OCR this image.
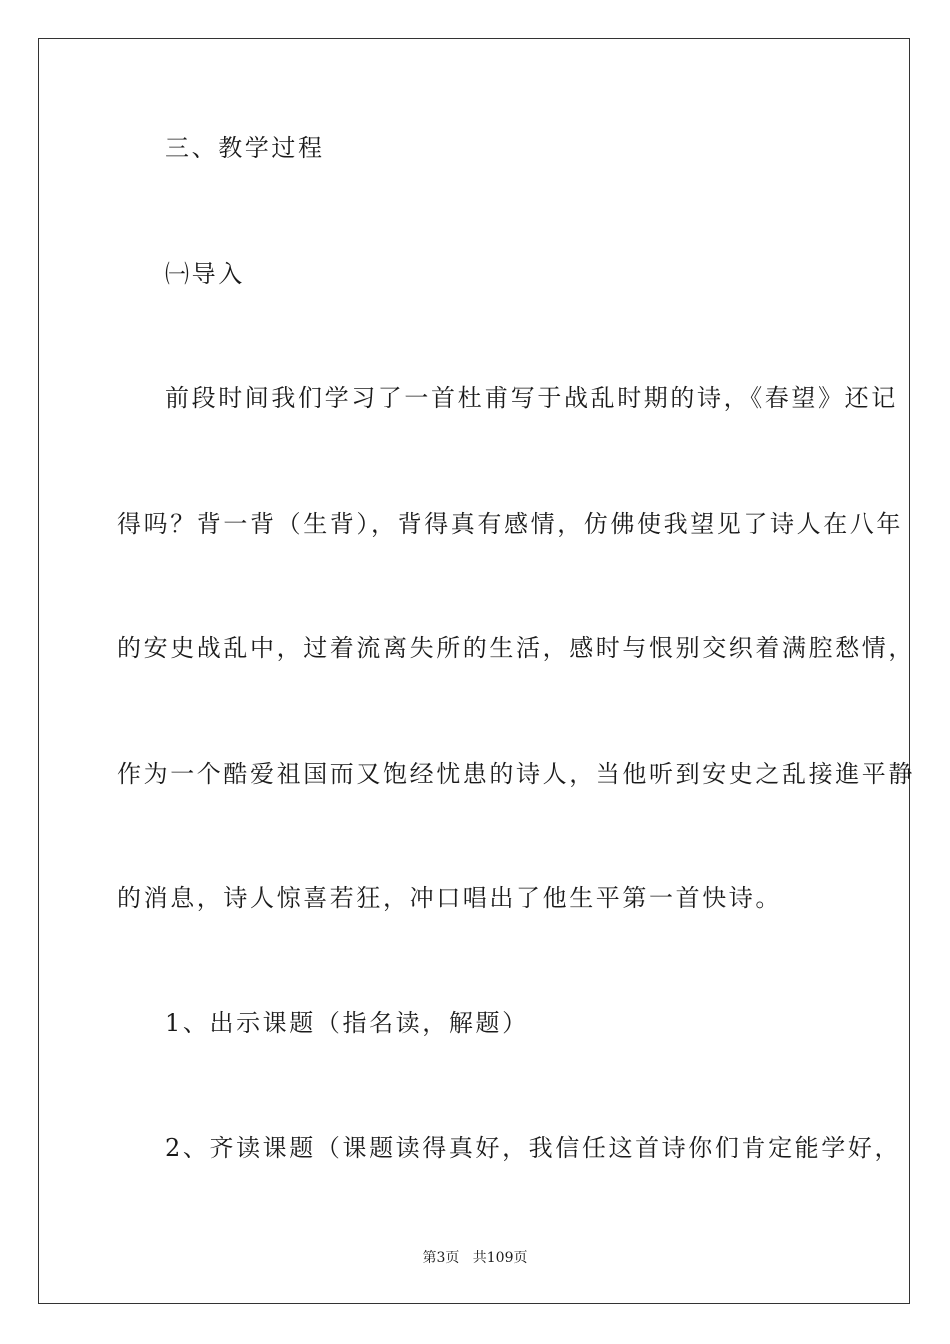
三、教学过程
㈠导入
前段时间我们学习了一首杜甫写于战乱时期的诗，《春望》还记
得吗？背一背（生背），背得真有感情，仿佛使我望见了诗人在八年
的安史战乱中，过着流离失所的生活，感时与恨别交织着满腔愁情，
作为一个酷爱祖国而又饱经忧患的诗人，当他听到安史之乱接進平静
的消息，诗人惊喜若狂，冲口唱出了他生平第一首快诗。
1、出示课题（指名读，解题）
2、齐读课题（课题读得真好，我信任这首诗你们肯定能学好，
第3页   共109页
